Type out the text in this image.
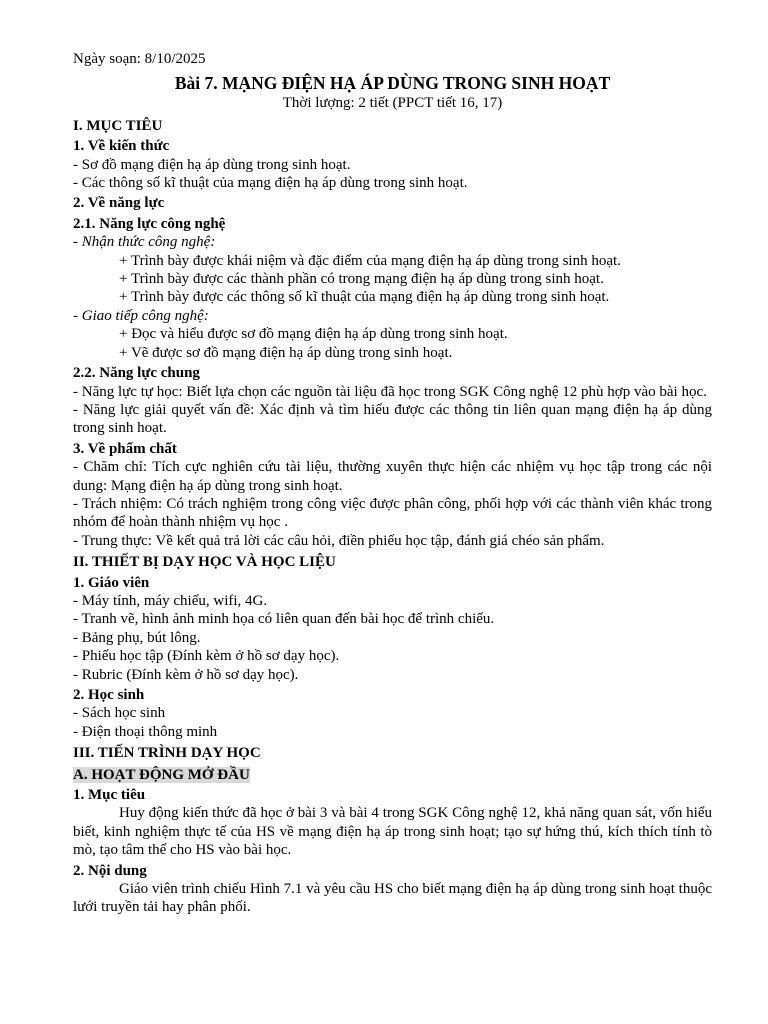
Ngày soạn: 8/10/2025

Bài 7. MẠNG ĐIỆN HẠ ÁP DÙNG TRONG SINH HOẠT

Thời lượng: 2 tiết (PPCT tiết 16, 17)

I. MỤC TIÊU

1. Về kiến thức

- Sơ đồ mạng điện hạ áp dùng trong sinh hoạt.

- Các thông số kĩ thuật của mạng điện hạ áp dùng trong sinh hoạt.

2. Về năng lực

2.1. Năng lực công nghệ

- Nhận thức công nghệ:

+ Trình bày được khái niệm và đặc điểm của mạng điện hạ áp dùng trong sinh hoạt.

+ Trình bày được các thành phần có trong mạng điện hạ áp dùng trong sinh hoạt.

+ Trình bày được các thông số kĩ thuật của mạng điện hạ áp dùng trong sinh hoạt.

- Giao tiếp công nghệ:

+ Đọc và hiểu được sơ đồ mạng điện hạ áp dùng trong sinh hoạt.

+ Vẽ được sơ đồ mạng điện hạ áp dùng trong sinh hoạt.

2.2. Năng lực chung

- Năng lực tự học: Biết lựa chọn các nguồn tài liệu đã học trong SGK Công nghệ 12 phù hợp vào bài học.

- Năng lực giải quyết vấn đề: Xác định và tìm hiểu được các thông tin liên quan mạng điện hạ áp dùng trong sinh hoạt.

3. Về phẩm chất

- Chăm chỉ: Tích cực nghiên cứu tài liệu, thường xuyên thực hiện các nhiệm vụ học tập trong các nội dung: Mạng điện hạ áp dùng trong sinh hoạt.

- Trách nhiệm: Có trách nghiệm trong công việc được phân công, phối hợp với các thành viên khác trong nhóm để hoàn thành nhiệm vụ học .

- Trung thực: Về kết quả trả lời các câu hỏi, điền phiếu học tập, đánh giá chéo sản phẩm.

II. THIẾT BỊ DẠY HỌC VÀ HỌC LIỆU

1. Giáo viên

- Máy tính, máy chiếu, wifi, 4G.

- Tranh vẽ, hình ảnh minh họa có liên quan đến bài học để trình chiếu.

- Bảng phụ, bút lông.

- Phiếu học tập (Đính kèm ở hồ sơ dạy học).

- Rubric (Đính kèm ở hồ sơ dạy học).

2. Học sinh

- Sách học sinh

- Điện thoại thông minh

III. TIẾN TRÌNH DẠY HỌC

A. HOẠT ĐỘNG MỞ ĐẦU

1. Mục tiêu

Huy động kiến thức đã học ở bài 3 và bài 4 trong SGK Công nghệ 12, khả năng quan sát, vốn hiểu biết, kinh nghiệm thực tế của HS về mạng điện hạ áp trong sinh hoạt; tạo sự hứng thú, kích thích tính tò mò, tạo tâm thế cho HS vào bài học.

2. Nội dung

Giáo viên trình chiếu Hình 7.1 và yêu cầu HS cho biết mạng điện hạ áp dùng trong sinh hoạt thuộc lưới truyền tải hay phân phối.
